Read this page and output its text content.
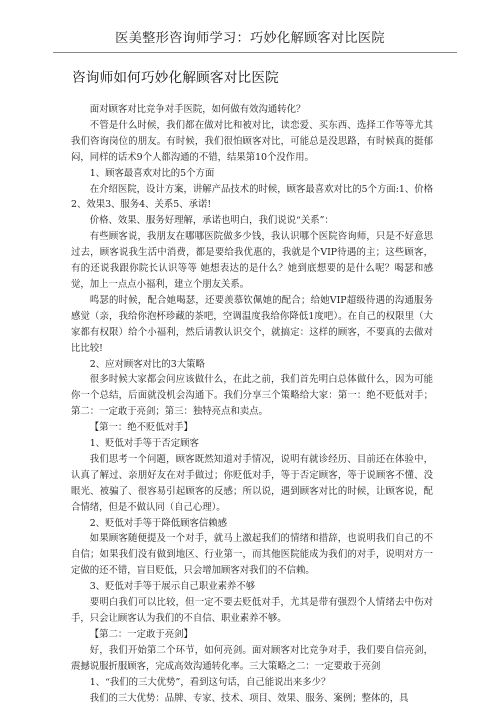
医美整形咨询师学习：巧妙化解顾客对比医院
咨询师如何巧妙化解顾客对比医院

面对顾客对比竞争对手医院，如何做有效沟通转化？

不管是什么时候，我们都在做对比和被对比，读恋爱、买东西、选择工作等等尤其我们咨询岗位的朋友。有时候，我们很怕顾客对比，可能总是没思路，有时候真的挺郁闷，同样的话术9个人都沟通的不错，结果第10个没作用。

1、顾客最喜欢对比的5个方面

在介绍医院，设计方案，讲解产品技术的时候，顾客最喜欢对比的5个方面:1、价格2、效果3、服务4、关系5、承诺!

价格、效果、服务好理解，承诺也明白，我们说说“关系”：

有些顾客说，我朋友在哪哪医院做多少钱，我认识哪个医院咨询师，只是不好意思过去，顾客说我生活中消费，都是要给我优惠的，我就是个VIP待遇的主；这些顾客，有的还说我跟你院长认识等等 她想表达的是什么？她到底想要的是什么呢？喝瑟和感觉，加上一点点小福利，建立个朋友关系。

鸣瑟的时候，配合她喝瑟，还要羡慕钦佩她的配合；给她VIP超级待遇的沟通服务感觉（亲，我给你泡杯珍藏的茶吧，空调温度我给你降低1度吧）。在自己的权限里（大家都有权限）给个小福利，然后请教认识交个，就搞定：这样的顾客，不要真的去做对比比较!

2、应对顾客对比的3大策略

很多时候大家都会问应该做什么，在此之前，我们首先明白总体做什么，因为可能你一个总结，后面就没机会沟通下。我们分享三个策略给大家：第一：绝不贬低对手；第二：一定敢于亮剑；第三：独特亮点和卖点。

【第一：绝不贬低对手】

1、贬低对手等于否定顾客

我们思考一个问题，顾客既然知道对手情况，说明有就诊经历、目前还在体验中，认真了解过、亲朋好友在对手做过；你贬低对手，等于否定顾客，等于说顾客不懂、没眼光、被骗了、很容易引起顾客的反感；所以说，遇到顾客对比的时候，让顾客说，配合情绪，但是不做认同（自己心理）。

2、贬低对手等于降低顾客信赖感

如果顾客随便提及一个对手，就马上激起我们的情绪和措辞，也说明我们自己的不自信；如果我们没有做到地区、行业第一，而其他医院能成为我们的对手，说明对方一定做的还不错，盲目贬低，只会增加顾客对我们的不信赖。

3、贬低对手等于展示自己职业素养不够

要明白我们可以比较，但一定不要去贬低对手，尤其是带有强烈个人情绪去中伤对手，只会让顾客认为我们的不自信、职业素养不够。

【第二：一定敢于亮剑】

好，我们开始第二个环节，如何亮剑。面对顾客对比竞争对手，我们要自信亮剑，震撼说服折服顾客，完成高效沟通转化率。三大策略之二：一定要敢于亮剑

1、“我们的三大优势”，看到这句话，自己能说出来多少？

我们的三大优势：品牌、专家、技术、项目、效果、服务、案例；整体的，具
